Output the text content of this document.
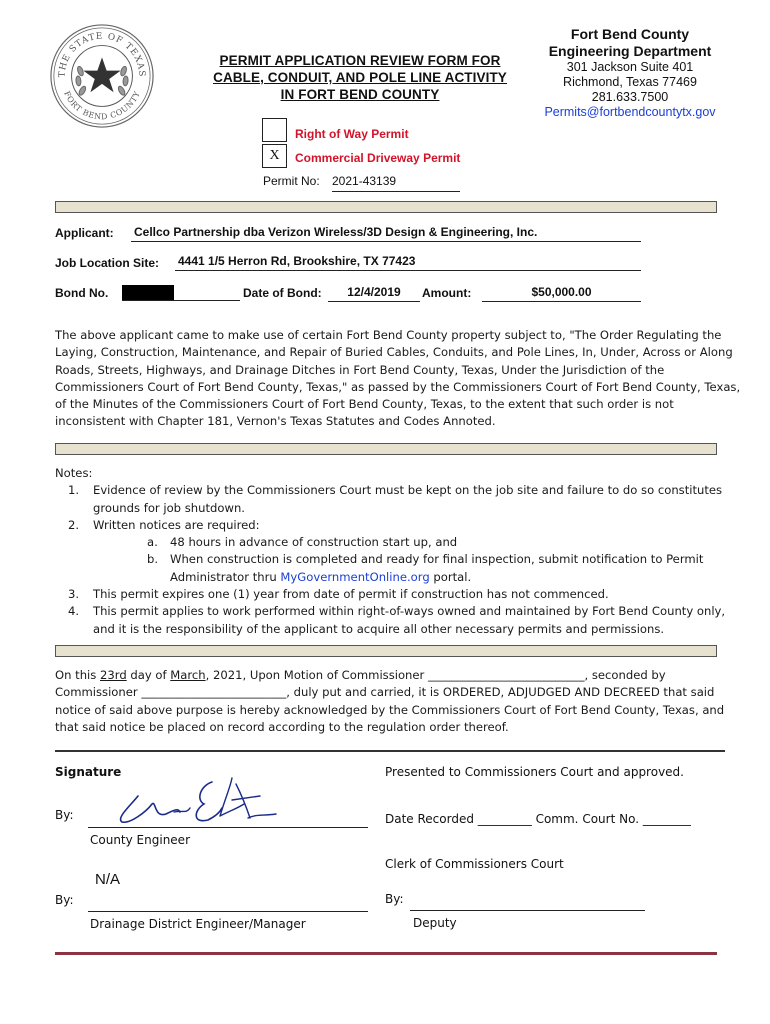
THE STATE OF TEXAS
FORT BEND COUNTY
PERMIT APPLICATION REVIEW FORM FOR
CABLE, CONDUIT, AND POLE LINE ACTIVITY
IN FORT BEND COUNTY
Fort Bend County
Engineering Department
301 Jackson Suite 401
Richmond, Texas 77469
281.633.7500
Permits@fortbendcountytx.gov
Right of Way Permit
X	Commercial Driveway Permit
Permit No: 2021-43139
Applicant: Cellco Partnership dba Verizon Wireless/3D Design & Engineering, Inc.
Job Location Site: 4441 1/5 Herron Rd, Brookshire, TX 77423
Bond No.	Date of Bond:	12/4/2019	Amount:	$50,000.00
The above applicant came to make use of certain Fort Bend County property subject to, "The Order Regulating the
Laying, Construction, Maintenance, and Repair of Buried Cables, Conduits, and Pole Lines, In, Under, Across or Along
Roads, Streets, Highways, and Drainage Ditches in Fort Bend County, Texas, Under the Jurisdiction of the
Commissioners Court of Fort Bend County, Texas," as passed by the Commissioners Court of Fort Bend County, Texas,
of the Minutes of the Commissioners Court of Fort Bend County, Texas, to the extent that such order is not
inconsistent with Chapter 181, Vernon's Texas Statutes and Codes Annoted.
Notes:
1. Evidence of review by the Commissioners Court must be kept on the job site and failure to do so constitutes
grounds for job shutdown.
2. Written notices are required:
a. 48 hours in advance of construction start up, and
b. When construction is completed and ready for final inspection, submit notification to Permit
Administrator thru MyGovernmentOnline.org portal.
3. This permit expires one (1) year from date of permit if construction has not commenced.
4. This permit applies to work performed within right-of-ways owned and maintained by Fort Bend County only,
and it is the responsibility of the applicant to acquire all other necessary permits and permissions.
On this 23rd day of March, 2021, Upon Motion of Commissioner ___________________________, seconded by
Commissioner _________________________, duly put and carried, it is ORDERED, ADJUDGED AND DECREED that said
notice of said above purpose is hereby acknowledged by the Commissioners Court of Fort Bend County, Texas, and
that said notice be placed on record according to the regulation order thereof.
Signature
By:
County Engineer
N/A
By:
Drainage District Engineer/Manager
Presented to Commissioners Court and approved.
Date Recorded _________ Comm. Court No. ________
Clerk of Commissioners Court
By:
Deputy
